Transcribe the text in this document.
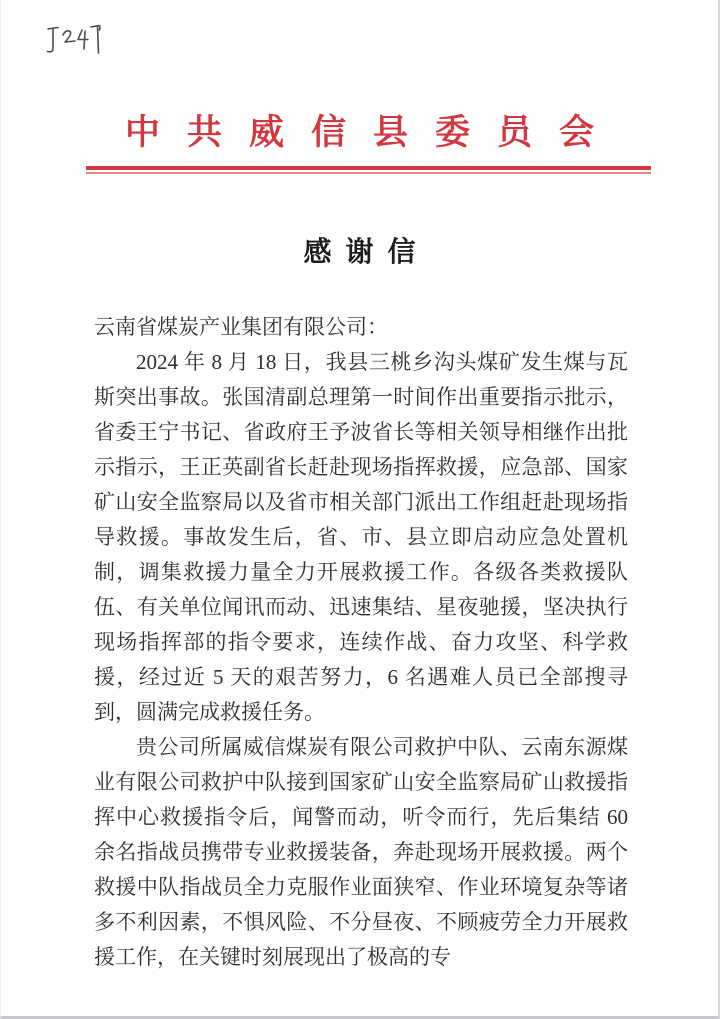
中共威信县委员会
感谢信
云南省煤炭产业集团有限公司：

2024 年 8 月 18 日，我县三桃乡沟头煤矿发生煤与瓦斯突出事故。张国清副总理第一时间作出重要指示批示，省委王宁书记、省政府王予波省长等相关领导相继作出批示指示，王正英副省长赶赴现场指挥救援，应急部、国家矿山安全监察局以及省市相关部门派出工作组赶赴现场指导救援。事故发生后，省、市、县立即启动应急处置机制，调集救援力量全力开展救援工作。各级各类救援队伍、有关单位闻讯而动、迅速集结、星夜驰援，坚决执行现场指挥部的指令要求，连续作战、奋力攻坚、科学救援，经过近 5 天的艰苦努力，6 名遇难人员已全部搜寻到，圆满完成救援任务。

贵公司所属威信煤炭有限公司救护中队、云南东源煤业有限公司救护中队接到国家矿山安全监察局矿山救援指挥中心救援指令后，闻警而动，听令而行，先后集结 60 余名指战员携带专业救援装备，奔赴现场开展救援。两个救援中队指战员全力克服作业面狭窄、作业环境复杂等诸多不利因素，不惧风险、不分昼夜、不顾疲劳全力开展救援工作，在关键时刻展现出了极高的专
